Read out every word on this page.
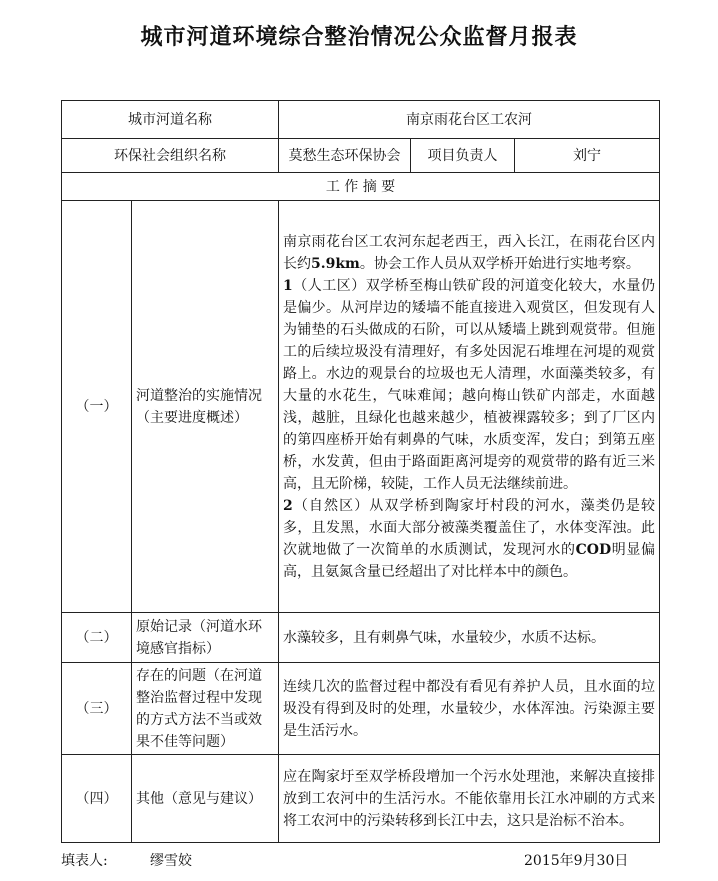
城市河道环境综合整治情况公众监督月报表
城市河道名称		南京雨花台区工农河		
环保社会组织名称		莫愁生态环保协会	项目负责人	刘宁
工 作 摘 要				
（一）	河道整治的实施情况（主要进度概述）	南京雨花台区工农河东起老西王，西入长江，在雨花台区内长约5.9km。协会工作人员从双学桥开始进行实地考察。

1（人工区）双学桥至梅山铁矿段的河道变化较大，水量仍是偏少。从河岸边的矮墙不能直接进入观赏区，但发现有人为铺垫的石头做成的石阶，可以从矮墙上跳到观赏带。但施工的后续垃圾没有清理好，有多处因泥石堆埋在河堤的观赏路上。水边的观景台的垃圾也无人清理，水面藻类较多，有大量的水花生，气味难闻；越向梅山铁矿内部走，水面越浅，越脏，且绿化也越来越少，植被裸露较多；到了厂区内的第四座桥开始有刺鼻的气味，水质变浑，发白；到第五座桥，水发黄，但由于路面距离河堤旁的观赏带的路有近三米高，且无阶梯，较陡，工作人员无法继续前进。

2（自然区）从双学桥到陶家圩村段的河水，藻类仍是较多，且发黑，水面大部分被藻类覆盖住了，水体变浑浊。此次就地做了一次简单的水质测试，发现河水的COD明显偏高，且氨氮含量已经超出了对比样本中的颜色。		

（二）	原始记录（河道水环境感官指标）	水藻较多，且有刺鼻气味，水量较少，水质不达标。		
（三）	存在的问题（在河道整治监督过程中发现的方式方法不当或效果不佳等问题）	连续几次的监督过程中都没有看见有养护人员，且水面的垃圾没有得到及时的处理，水量较少，水体浑浊。污染源主要是生活污水。		
（四）	其他（意见与建议）	应在陶家圩至双学桥段增加一个污水处理池，来解决直接排放到工农河中的生活污水。不能依靠用长江水冲刷的方式来将工农河中的污染转移到长江中去，这只是治标不治本。		
填表人:	缪雪姣	2015年9月30日
